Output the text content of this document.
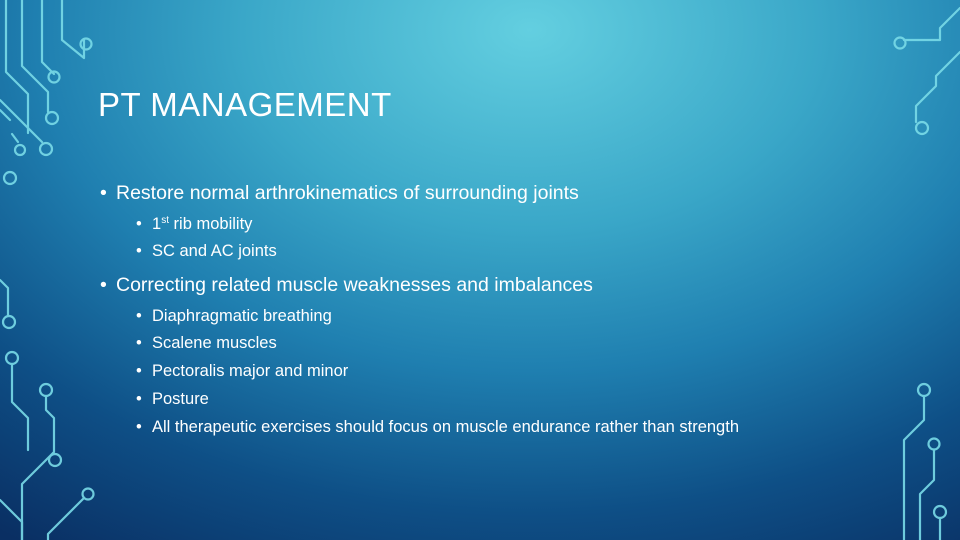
PT MANAGEMENT
• Restore normal arthrokinematics of surrounding joints
• 1st rib mobility
• SC and AC joints
• Correcting related muscle weaknesses and imbalances
• Diaphragmatic breathing
• Scalene muscles
• Pectoralis major and minor
• Posture
• All therapeutic exercises should focus on muscle endurance rather than strength
